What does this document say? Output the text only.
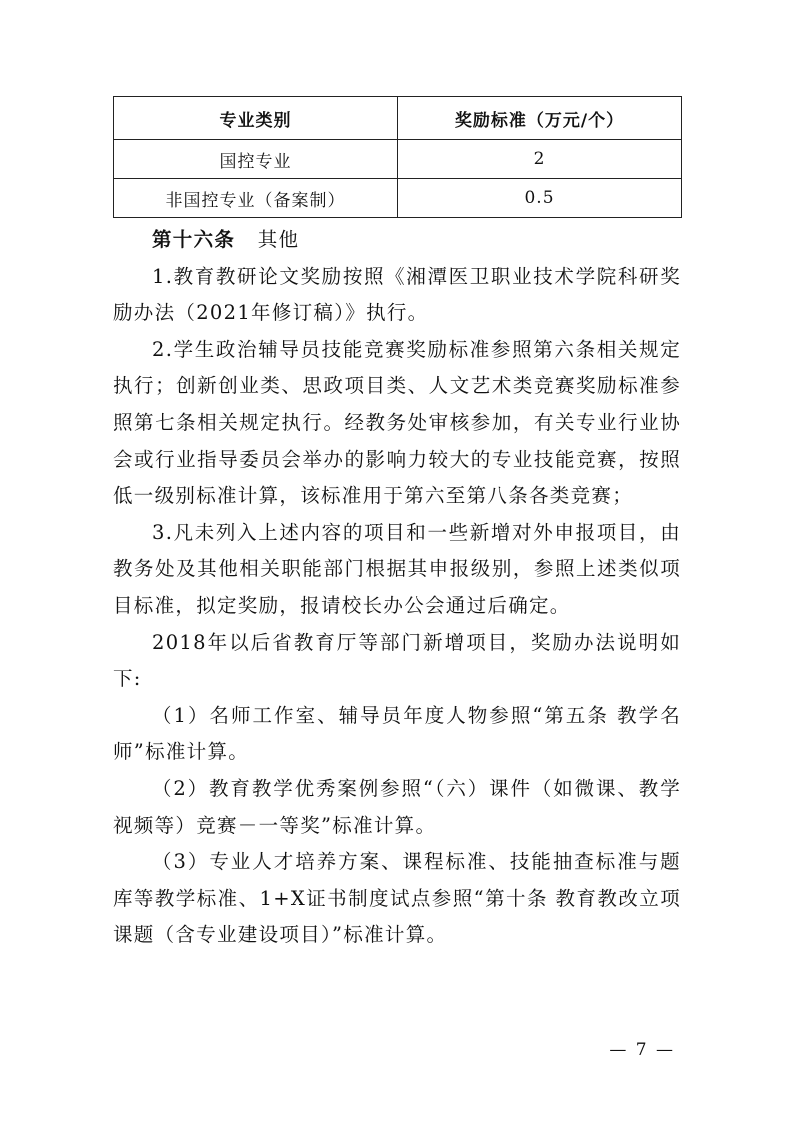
专业类别	奖励标准（万元/个）
国控专业	2
非国控专业（备案制）	0.5

第十六条 其他

1.教育教研论文奖励按照《湘潭医卫职业技术学院科研奖励办法（2021年修订稿）》执行。

2.学生政治辅导员技能竞赛奖励标准参照第六条相关规定执行；创新创业类、思政项目类、人文艺术类竞赛奖励标准参照第七条相关规定执行。经教务处审核参加，有关专业行业协会或行业指导委员会举办的影响力较大的专业技能竞赛，按照低一级别标准计算，该标准用于第六至第八条各类竞赛；

3.凡未列入上述内容的项目和一些新增对外申报项目，由教务处及其他相关职能部门根据其申报级别，参照上述类似项目标准，拟定奖励，报请校长办公会通过后确定。

2018年以后省教育厅等部门新增项目，奖励办法说明如下:

（1）名师工作室、辅导员年度人物参照“第五条 教学名师”标准计算。

（2）教育教学优秀案例参照“（六）课件（如微课、教学视频等）竞赛－一等奖”标准计算。

（3）专业人才培养方案、课程标准、技能抽查标准与题库等教学标准、1+X证书制度试点参照“第十条 教育教改立项课题（含专业建设项目）”标准计算。

— 7 —
